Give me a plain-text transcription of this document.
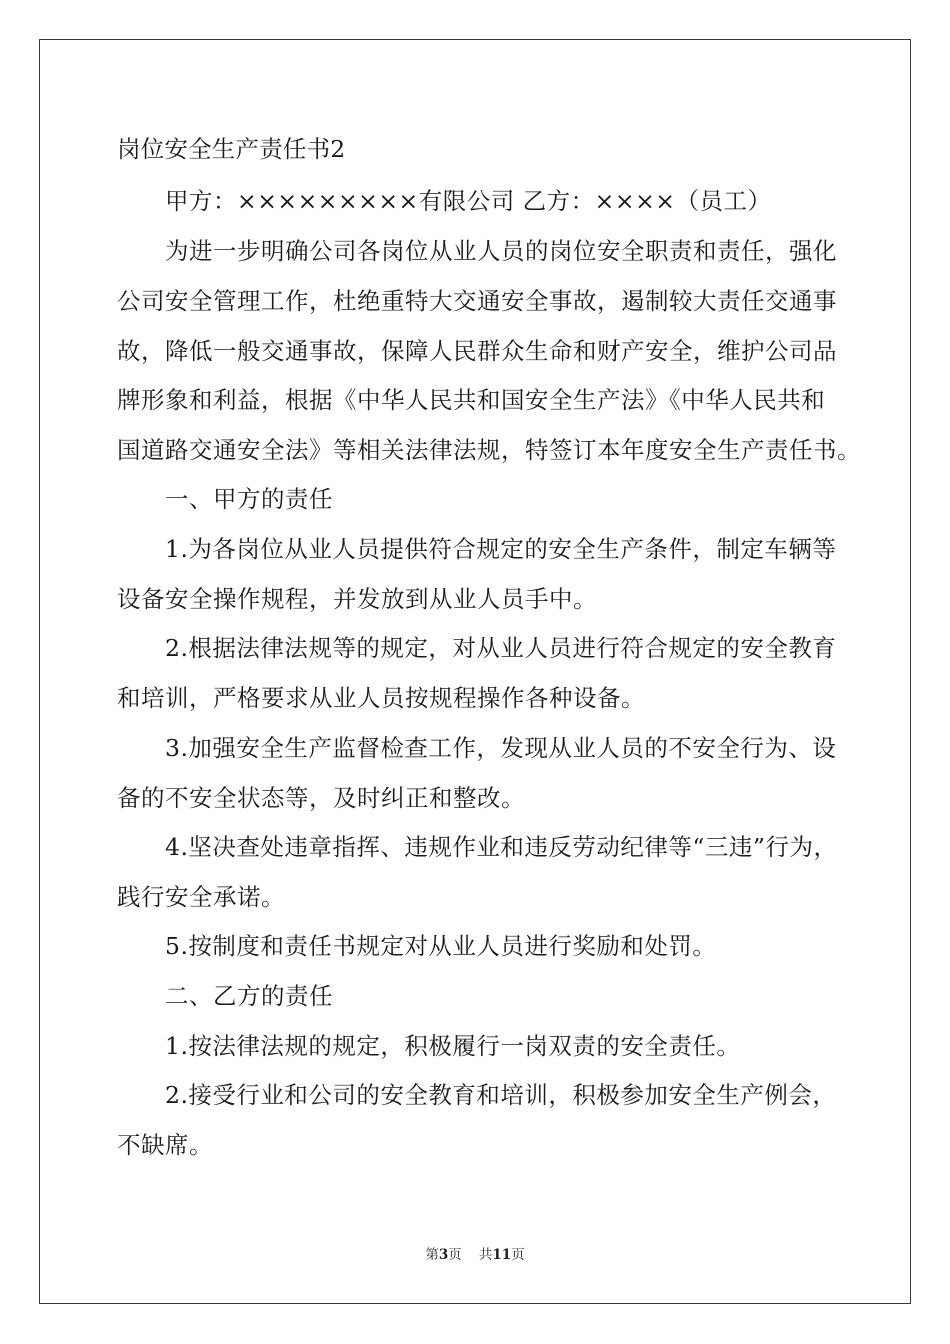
岗位安全生产责任书2
甲方：×××××××××有限公司 乙方：××××（员工）
为进一步明确公司各岗位从业人员的岗位安全职责和责任，强化
公司安全管理工作，杜绝重特大交通安全事故，遏制较大责任交通事
故，降低一般交通事故，保障人民群众生命和财产安全，维护公司品
牌形象和利益，根据《中华人民共和国安全生产法》《中华人民共和
国道路交通安全法》等相关法律法规，特签订本年度安全生产责任书。
一、甲方的责任
1.为各岗位从业人员提供符合规定的安全生产条件，制定车辆等
设备安全操作规程，并发放到从业人员手中。
2.根据法律法规等的规定，对从业人员进行符合规定的安全教育
和培训，严格要求从业人员按规程操作各种设备。
3.加强安全生产监督检查工作，发现从业人员的不安全行为、设
备的不安全状态等，及时纠正和整改。
4.坚决查处违章指挥、违规作业和违反劳动纪律等“三违”行为，
践行安全承诺。
5.按制度和责任书规定对从业人员进行奖励和处罚。
二、乙方的责任
1.按法律法规的规定，积极履行一岗双责的安全责任。
2.接受行业和公司的安全教育和培训，积极参加安全生产例会，
不缺席。
第3页 共11页
